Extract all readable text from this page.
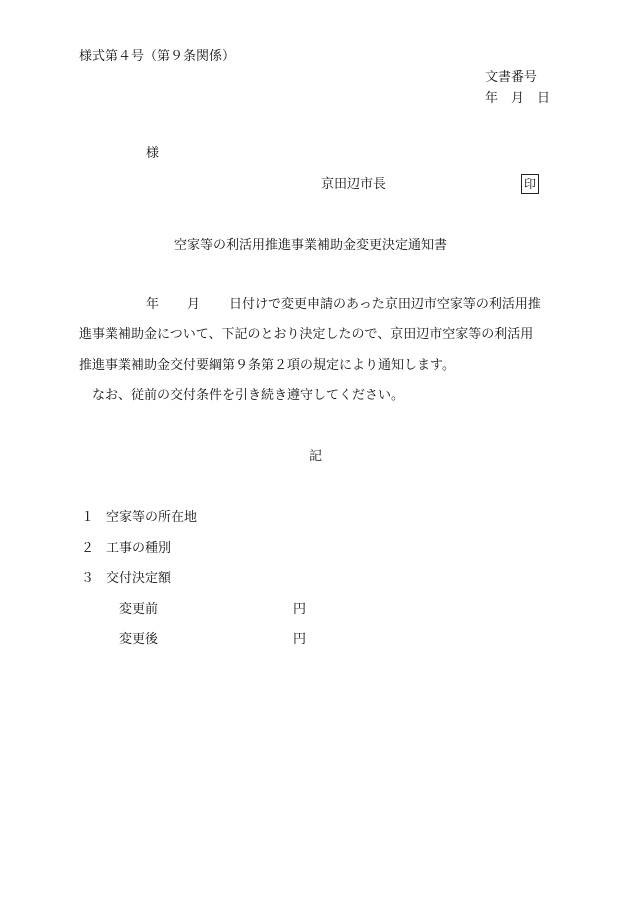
様式第４号（第９条関係）
文書番号
年　月　日
様
京田辺市長	印
空家等の利活用推進事業補助金変更決定通知書
年 月 日付けで変更申請のあった京田辺市空家等の利活用推
進事業補助金について、下記のとおり決定したので、京田辺市空家等の利活用
推進事業補助金交付要綱第９条第２項の規定により通知します。
なお、従前の交付条件を引き続き遵守してください。
記
１ 空家等の所在地
２ 工事の種別
３ 交付決定額
変更前	円
変更後	円
